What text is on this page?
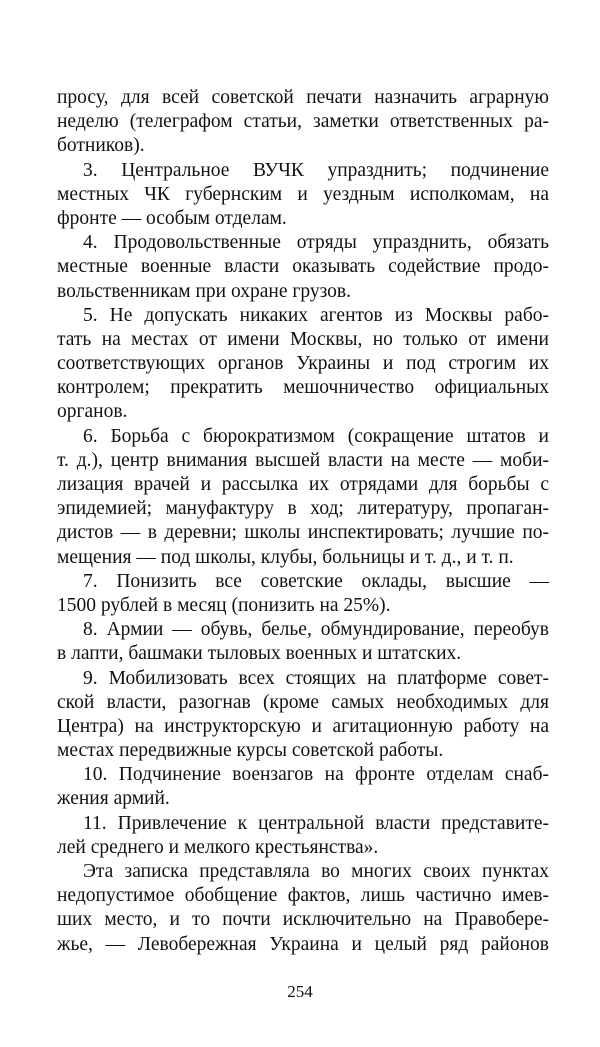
просу, для всей советской печати назначить аграрную
неделю (телеграфом статьи, заметки ответственных ра-
ботников).
3. Центральное ВУЧК упразднить; подчинение
местных ЧК губернским и уездным исполкомам, на
фронте — особым отделам.
4. Продовольственные отряды упразднить, обязать
местные военные власти оказывать содействие продо-
вольственникам при охране грузов.
5. Не допускать никаких агентов из Москвы рабо-
тать на местах от имени Москвы, но только от имени
соответствующих органов Украины и под строгим их
контролем; прекратить мешочничество официальных
органов.
6. Борьба с бюрократизмом (сокращение штатов и
т. д.), центр внимания высшей власти на месте — моби-
лизация врачей и рассылка их отрядами для борьбы с
эпидемией; мануфактуру в ход; литературу, пропаган-
дистов — в деревни; школы инспектировать; лучшие по-
мещения — под школы, клубы, больницы и т. д., и т. п.
7. Понизить все советские оклады, высшие —
1500 рублей в месяц (понизить на 25%).
8. Армии — обувь, белье, обмундирование, переобув
в лапти, башмаки тыловых военных и штатских.
9. Мобилизовать всех стоящих на платформе совет-
ской власти, разогнав (кроме самых необходимых для
Центра) на инструкторскую и агитационную работу на
местах передвижные курсы советской работы.
10. Подчинение воензагов на фронте отделам снаб-
жения армий.
11. Привлечение к центральной власти представите-
лей среднего и мелкого крестьянства».
Эта записка представляла во многих своих пунктах
недопустимое обобщение фактов, лишь частично имев-
ших место, и то почти исключительно на Правобере-
жье, — Левобережная Украина и целый ряд районов
254
